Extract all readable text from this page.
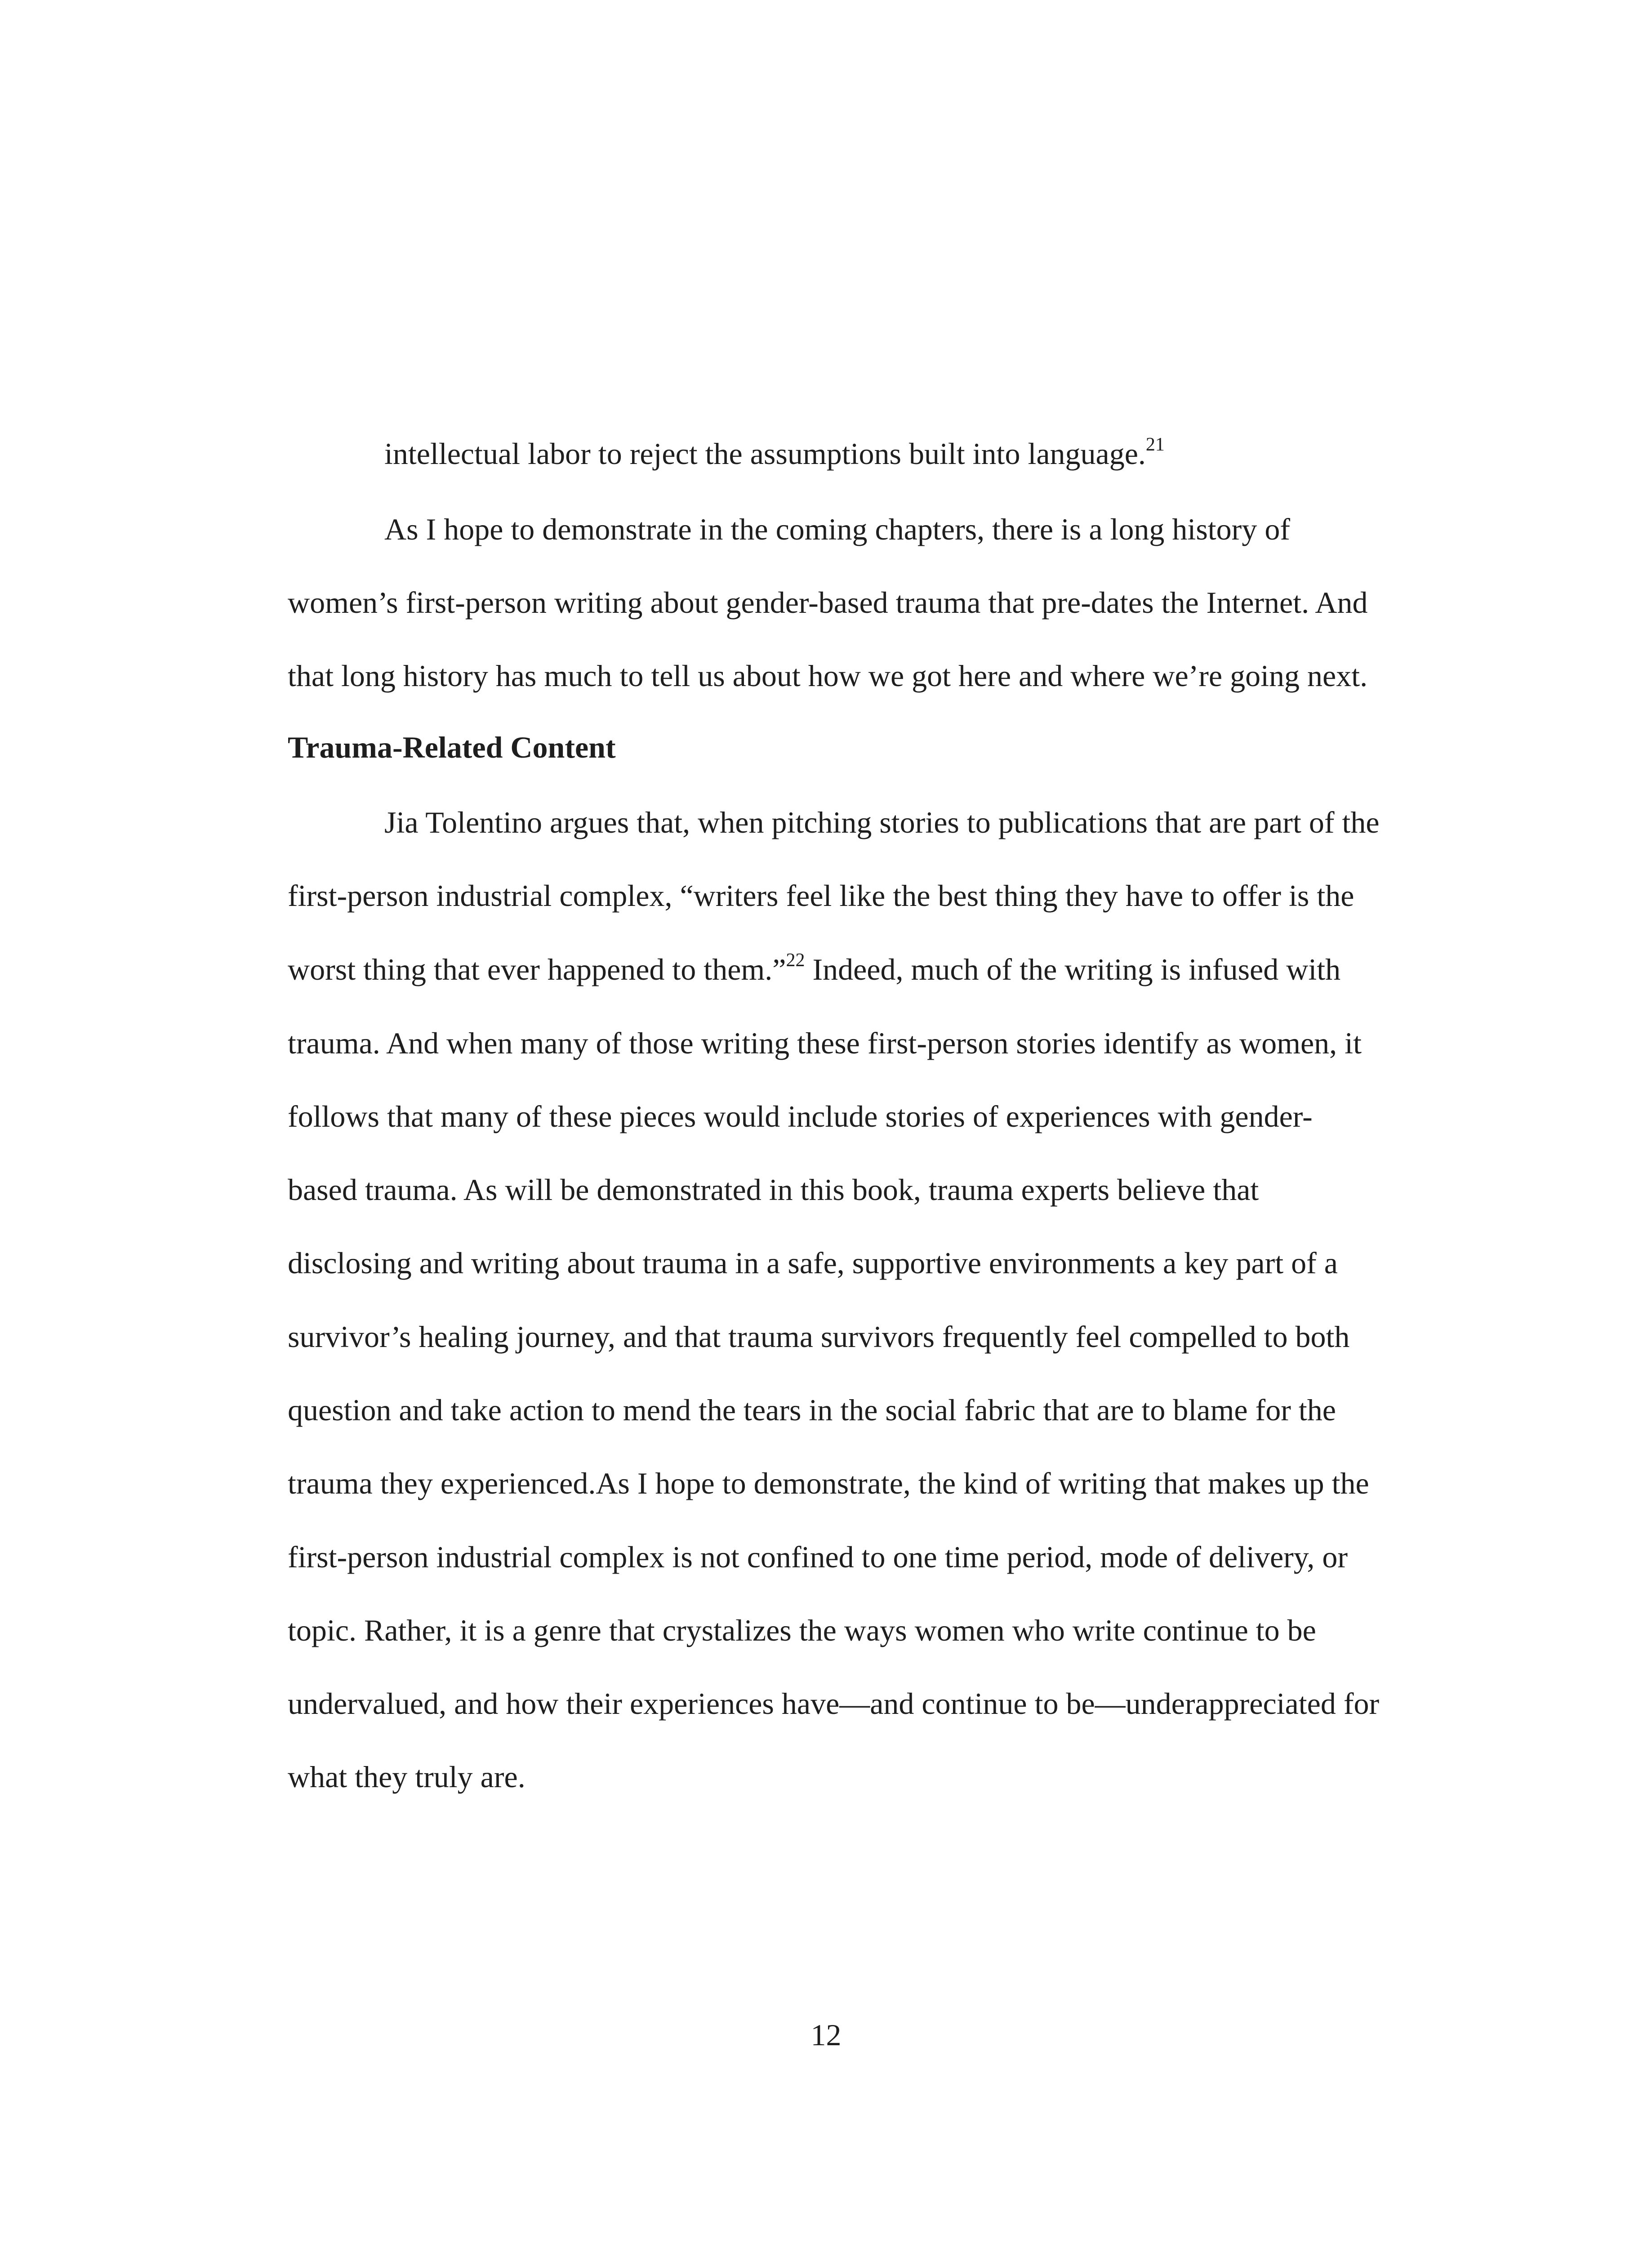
intellectual labor to reject the assumptions built into language.$^{21}$

As I hope to demonstrate in the coming chapters, there is a long history of

women’s first-person writing about gender-based trauma that pre-dates the Internet. And

that long history has much to tell us about how we got here and where we’re going next.

Trauma-Related Content

Jia Tolentino argues that, when pitching stories to publications that are part of the

first-person industrial complex, “writers feel like the best thing they have to offer is the

worst thing that ever happened to them.”$^{22}$ Indeed, much of the writing is infused with

trauma. And when many of those writing these first-person stories identify as women, it

follows that many of these pieces would include stories of experiences with gender-

based trauma. As will be demonstrated in this book, trauma experts believe that

disclosing and writing about trauma in a safe, supportive environments a key part of a

survivor’s healing journey, and that trauma survivors frequently feel compelled to both

question and take action to mend the tears in the social fabric that are to blame for the

trauma they experienced.As I hope to demonstrate, the kind of writing that makes up the

first-person industrial complex is not confined to one time period, mode of delivery, or

topic. Rather, it is a genre that crystalizes the ways women who write continue to be

undervalued, and how their experiences have—and continue to be—underappreciated for

what they truly are.

12
